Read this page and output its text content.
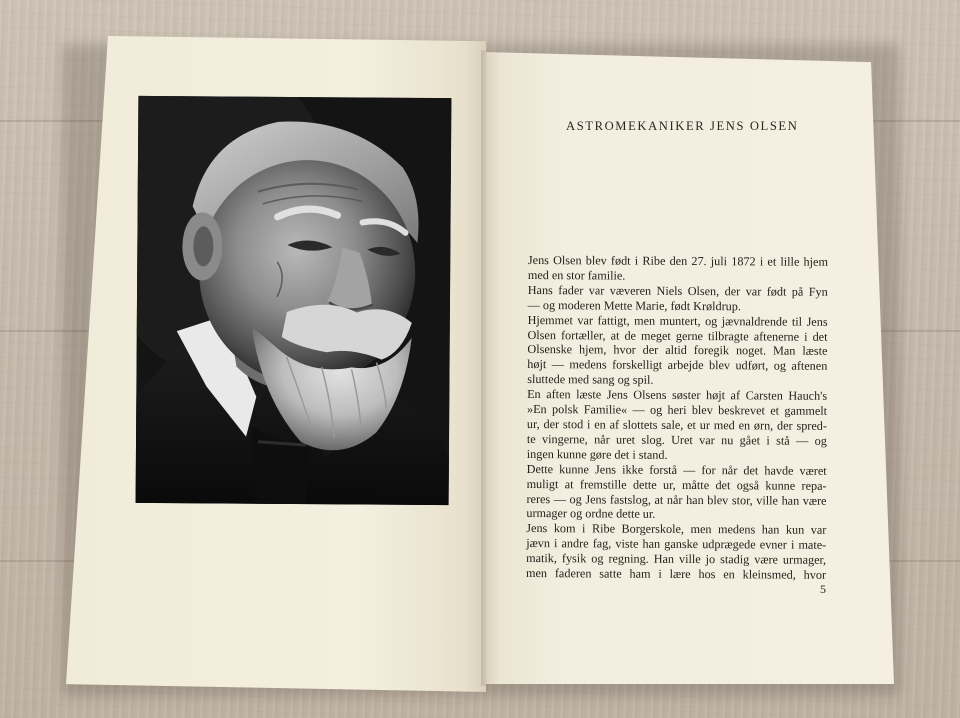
ASTROMEKANIKER JENS OLSEN
Jens Olsen blev født i Ribe den 27. juli 1872 i et lille hjem
med en stor familie.
Hans fader var væveren Niels Olsen, der var født på Fyn
— og moderen Mette Marie, født Krøldrup.
Hjemmet var fattigt, men muntert, og jævnaldrende til Jens
Olsen fortæller, at de meget gerne tilbragte aftenerne i det
Olsenske hjem, hvor der altid foregik noget. Man læste
højt — medens forskelligt arbejde blev udført, og aftenen
sluttede med sang og spil.
En aften læste Jens Olsens søster højt af Carsten Hauch's
»En polsk Familie« — og heri blev beskrevet et gammelt
ur, der stod i en af slottets sale, et ur med en ørn, der spred-
te vingerne, når uret slog. Uret var nu gået i stå — og
ingen kunne gøre det i stand.
Dette kunne Jens ikke forstå — for når det havde været
muligt at fremstille dette ur, måtte det også kunne repa-
reres — og Jens fastslog, at når han blev stor, ville han være
urmager og ordne dette ur.
Jens kom i Ribe Borgerskole, men medens han kun var
jævn i andre fag, viste han ganske udprægede evner i mate-
matik, fysik og regning. Han ville jo stadig være urmager,
men faderen satte ham i lære hos en kleinsmed, hvor
5
